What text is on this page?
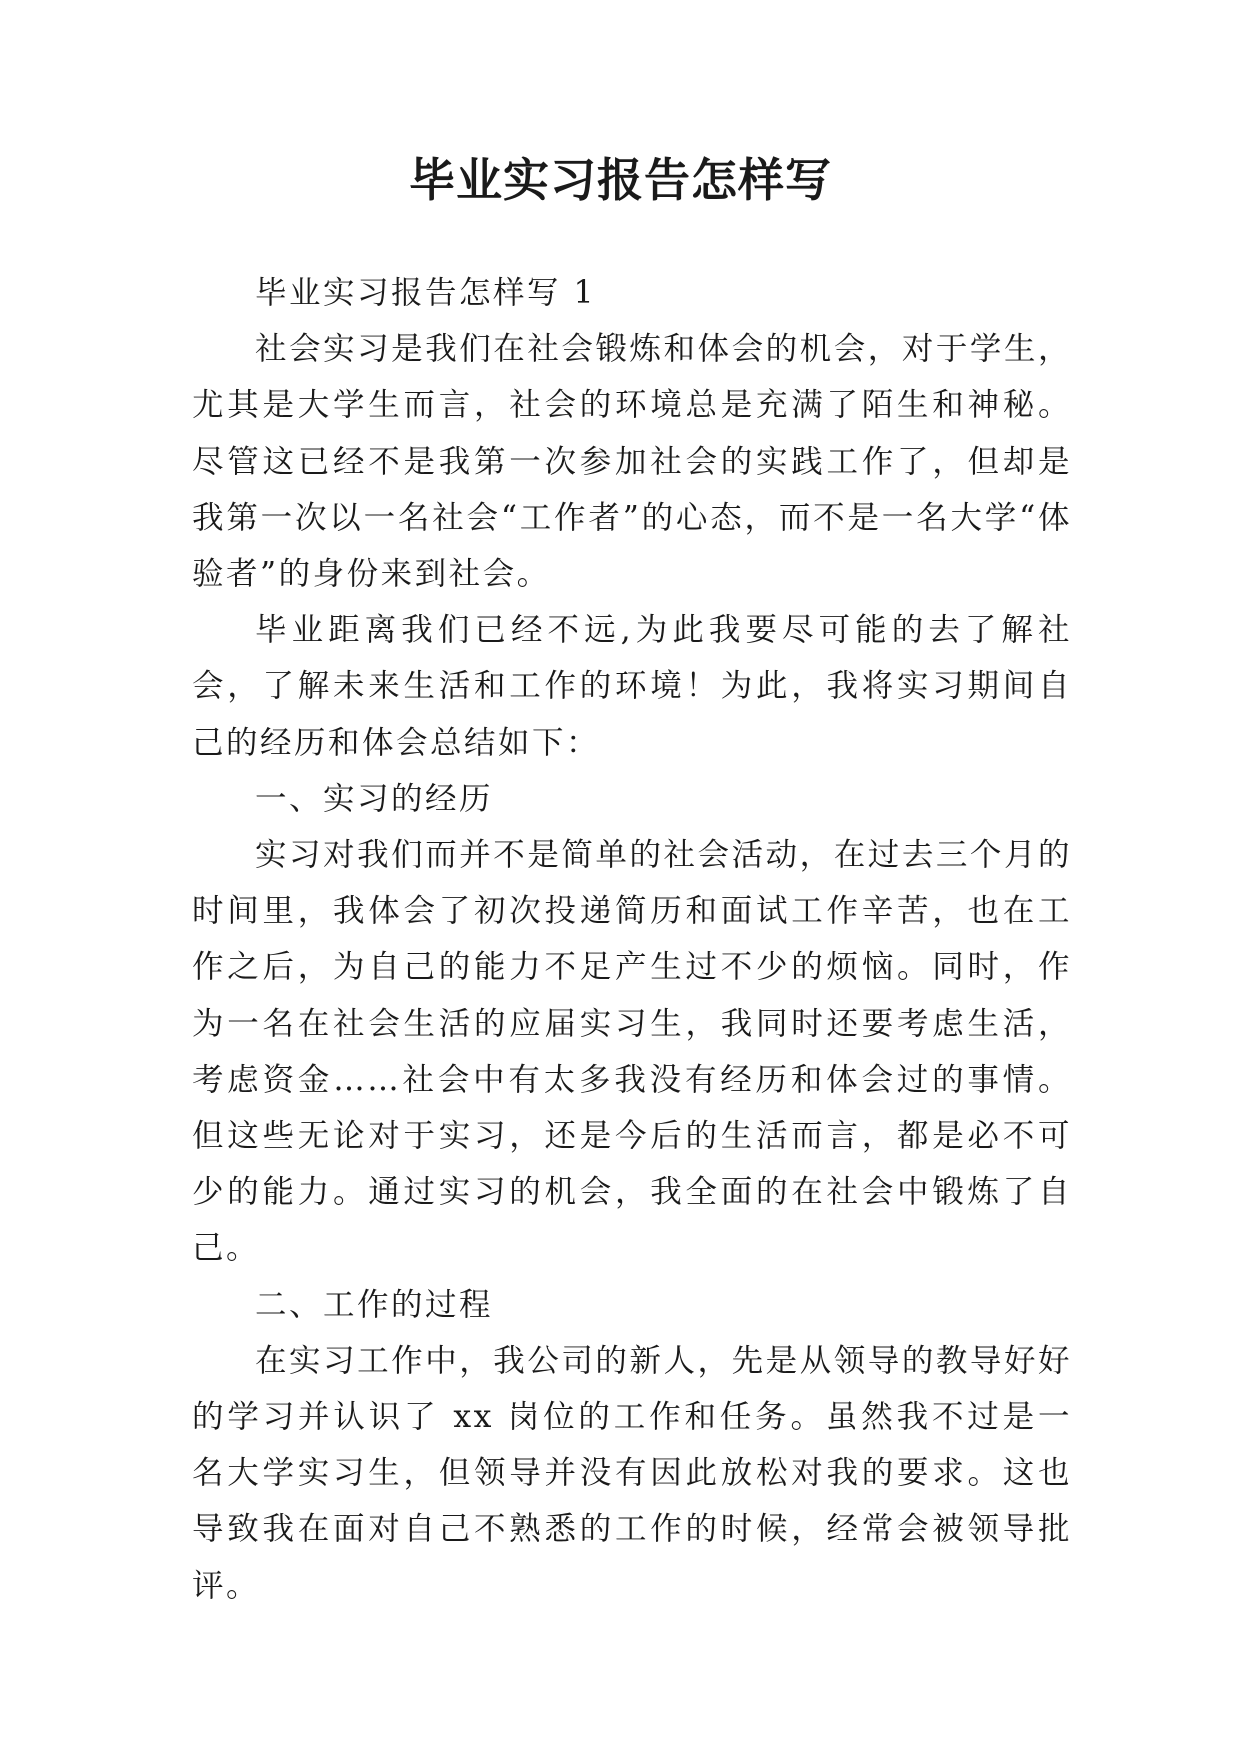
毕业实习报告怎样写

毕业实习报告怎样写 1

社会实习是我们在社会锻炼和体会的机会，对于学生，尤其是大学生而言，社会的环境总是充满了陌生和神秘。尽管这已经不是我第一次参加社会的实践工作了，但却是我第一次以一名社会“工作者”的心态，而不是一名大学“体验者”的身份来到社会。

毕业距离我们已经不远,为此我要尽可能的去了解社会，了解未来生活和工作的环境！为此，我将实习期间自己的经历和体会总结如下：

一、实习的经历

实习对我们而并不是简单的社会活动，在过去三个月的时间里，我体会了初次投递简历和面试工作辛苦，也在工作之后，为自己的能力不足产生过不少的烦恼。同时，作为一名在社会生活的应届实习生，我同时还要考虑生活，考虑资金……社会中有太多我没有经历和体会过的事情。但这些无论对于实习，还是今后的生活而言，都是必不可少的能力。通过实习的机会，我全面的在社会中锻炼了自己。

二、工作的过程

在实习工作中，我公司的新人，先是从领导的教导好好的学习并认识了 xx 岗位的工作和任务。虽然我不过是一名大学实习生，但领导并没有因此放松对我的要求。这也导致我在面对自己不熟悉的工作的时候，经常会被领导批评。
